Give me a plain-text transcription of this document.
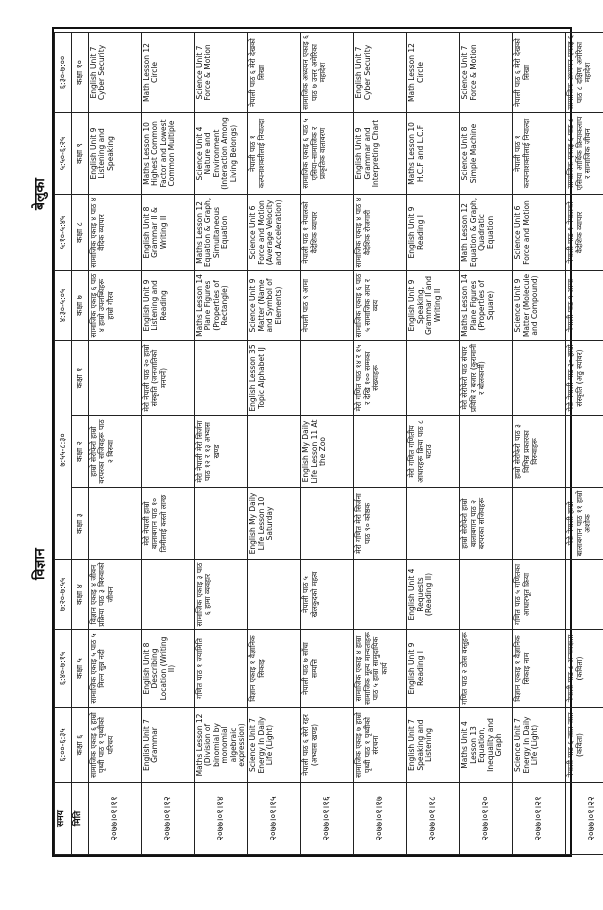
विज्ञान
बेलुका
समय	६:००-६:३५	६:४०-७:१५	७:२०-७:५५	७:५५-८:३०			४:३०-५:०५	५:१०-५:४५	५:५०-६:२५	६:३०-७:००
मिति	कक्षा ६	कक्षा ५	कक्षा ४	कक्षा ३	कक्षा २	कक्षा १	कक्षा ७	कक्षा ८	कक्षा ९	कक्षा १०
२०७७।०१।११	सामाजिक एकाइ ६ हाम्रो पृथ्वी पाठ १ पृथ्वीको परिचय	सामाजिक एकाइ ५ पाठ ५ मिल्न सुन्न नदी	विज्ञान एकाइ ४ जीवन प्रक्रिया पाठ ३ बिरुवाको जीवन		हाम्रो सेरोफेरो हाम्रो वरपरका सजिवहरू पाठ २ बिरुवा		सामाजिक एकाइ ६ पाठ ४ हाम्रो उपलब्धिहरू हाम्रो गौरव	सामाजिक एकाइ ४ पाठ ४ वैदिक व्यापार	English Unit 9 Listening and Speaking	English Unit 7 Cyber Security
२०७७।०१।१२	English Unit 7 Grammar	English Unit 8 Describing Location (Writing II)		मेरो नेपाली हाम्रो बालाबगान पाठ १० तिमीलाई कस्तो लाग्छ		मेरो नेपाली पाठ २० हाम्रो संस्कृति (जनजातिको मनपर्ने)	English Unit 9 Listening and Reading	English Unit 8 Grammar II & Writing II	Maths Lesson 10 Highest Common Factor and Lowest Common Multiple	Math Lesson 12 Circle
२०७७।०१।१४	Maths Lesson 12 (Division of binomial by monomial algebraic expression)	गणित पाठ १ ज्यामिति	सामाजिक एकाइ ३ पाठ ६ हामा व्यवहार		मेरो नेपाली मेरो सिर्जना पाठ १२ र १३ अभ्यास खण्ड		Maths Lesson 14 Plane Figures (Properties of Rectangle)	Maths Lesson 12 Equation & Graph, Simultaneous Equation	Science Unit 4 Nature and Environment (Interaction Among Living Belongs)	Science Unit 7 Force & Motion
२०७७।०१।१५	Science Unit 7 Energy In Daily Life (Light)	विज्ञान एकाइ १ वैज्ञानिक सिकाइ		English My Daily Life Lesson 10 Saturday		English Lesson 35 Topic Alphabet IJ	Science Unit 9 Matter (Name and Symbol of Elements)	Science Unit 6 Force and Motion (Average Velocity and Acceleration)	नेपाली पाठ १ कल्पनाशक्तीलाई नियाल्दा	नेपाली पाठ ६ मेरो देखको सिखा
२०७७।०१।१६	नेपाली पाठ ६ सेरो रहर (अभ्यास खण्ड)	नेपाली पाठ ७ साँचा सम्पत्ति	नेपाली पाठ ५ खेलकुदको महत्व		English My Daily Life Lesson 11 At the Zoo		नेपाली पाठ ९ आमा	नेपाली पाठ १ नेपालको वैदेशिक व्यापार	सामाजिक एकाइ ६ पाठ ५ एसिया–सामाजिक र प्राकृतिक वातावरण	सामाजिक अध्ययन एकाइ ६ पाठ ७ उत्तर अमेरिका महादेश
२०७७।०१।१७	सामाजिक एकाइ ७ हाम्रो पृथ्वी पाठ १ पृथ्वीको संरचना	सामाजिक एकाइ ४ हाम्रा सामाजिक मूल्य मान्यताहरू पाठ ५ हाम्रा सामुदायिक कार्य		मेरो गणित मेरो सिर्जना पाठ ९० कोष्ठक		मेरो गणित पाठ १४ र १५ र देखि १०० सम्मका संख्याहरू	सामाजिक एकाइ ६ पाठ ५ सामाजिक आय र व्यय	सामाजिक एकाइ ४ पाठ ४ वैदेशिक रोजगारी	English Unit 9 Grammar and Interpreting Chart	English Unit 7 Cyber Security
२०७७।०१।१८	English Unit 7 Speaking and Listening	English Unit 9 Reading I	English Unit 4 Requests (Reading II)		मेरो गणित गणितीय आधारहरू क्रिया पाठ ८ घटाउ		English Unit 9 Speaking, Grammar II and Writing II	English Unit 9 Reading I	Maths Lesson 10 H.C.F and L.C.F	Math Lesson 12 Circle
२०७७।०१।२०	Maths Unit 4 Lesson 13 Equation, Inequality and Graph	गणित पाठ २ ठोस वस्तुहरू		हाम्रो सेरोफेरो हाम्रो बालाबगान पाठ २ बरपरका सजिवहरू		मेरो सेरोफेरो पाठ संचार प्रविधि र बजार (कुरामानी र बोलकानी)	Maths Lesson 14 Plane Figures (Properties of Square)	Math Lesson 12 Equation & Graph, Quadratic Equation	Science Unit 8 Simple Machine	Science Unit 7 Force & Motion
२०७७।०१।२१	Science Unit 7 Energy In Daily Life (Light)	विज्ञान एकाइ १ वैज्ञानिक सिकाइ नाम	गणित पाठ ५ गणितका आधारभूत क्रिया		हाम्रो सेरोफेरो पाठ ३ विभिन्न प्रकारका विरुवाहरू		Science Unit 9 Matter (Molecule and Compound)	Science Unit 6 Force and Motion	नेपाली पाठ १ कल्पनाशक्तीलाई नियाल्दा	नेपाली पाठ ६ मेरो देखको सिखा
२०७७।०१।२२	नेपाली पाठ ६ जात जात (कविता)	नेपाली पाठ ८ अन्यत्रदाता (कविता)		मेरो नेपाली हाम्रो बालाबगान पाठ ११ हाम्रो अशोक		मेरो नेपाली पाठ ३० हाम्रो संस्कृति (अठु स्यांवर)	नेपाली पाठ ९ आमा	नेपाली पाठ १ नेपालको वैदेशिक व्यापार	सामाजिक एकाइ ६ पाठ ८ एसिया आर्थिक क्रियाकलाप र सामाजिक जीवन	सामाजिक अध्ययन एकाइ ६ पाठ ८ दक्षिण अमेरिका महादेश
